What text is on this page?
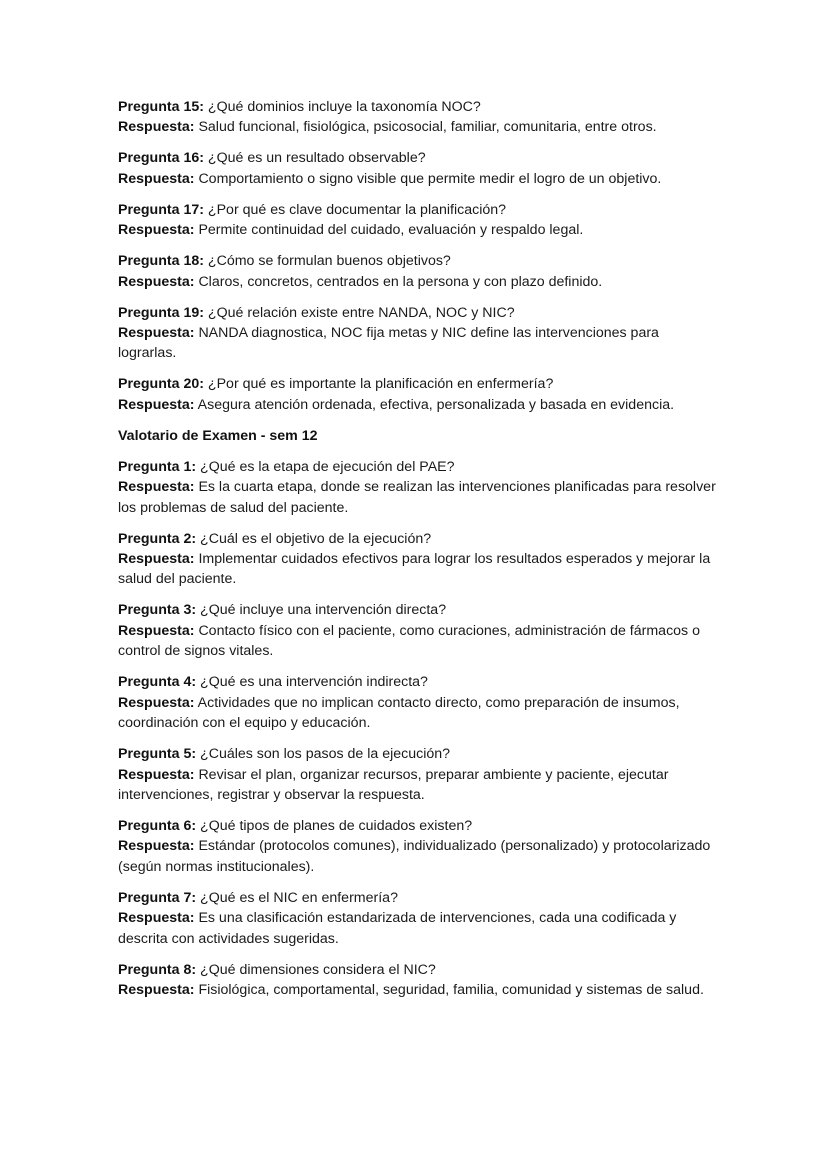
Pregunta 15: ¿Qué dominios incluye la taxonomía NOC?
Respuesta: Salud funcional, fisiológica, psicosocial, familiar, comunitaria, entre otros.
Pregunta 16: ¿Qué es un resultado observable?
Respuesta: Comportamiento o signo visible que permite medir el logro de un objetivo.
Pregunta 17: ¿Por qué es clave documentar la planificación?
Respuesta: Permite continuidad del cuidado, evaluación y respaldo legal.
Pregunta 18: ¿Cómo se formulan buenos objetivos?
Respuesta: Claros, concretos, centrados en la persona y con plazo definido.
Pregunta 19: ¿Qué relación existe entre NANDA, NOC y NIC?
Respuesta: NANDA diagnostica, NOC fija metas y NIC define las intervenciones para lograrlas.
Pregunta 20: ¿Por qué es importante la planificación en enfermería?
Respuesta: Asegura atención ordenada, efectiva, personalizada y basada en evidencia.
Valotario de Examen - sem 12
Pregunta 1: ¿Qué es la etapa de ejecución del PAE?
Respuesta: Es la cuarta etapa, donde se realizan las intervenciones planificadas para resolver los problemas de salud del paciente.
Pregunta 2: ¿Cuál es el objetivo de la ejecución?
Respuesta: Implementar cuidados efectivos para lograr los resultados esperados y mejorar la salud del paciente.
Pregunta 3: ¿Qué incluye una intervención directa?
Respuesta: Contacto físico con el paciente, como curaciones, administración de fármacos o control de signos vitales.
Pregunta 4: ¿Qué es una intervención indirecta?
Respuesta: Actividades que no implican contacto directo, como preparación de insumos, coordinación con el equipo y educación.
Pregunta 5: ¿Cuáles son los pasos de la ejecución?
Respuesta: Revisar el plan, organizar recursos, preparar ambiente y paciente, ejecutar intervenciones, registrar y observar la respuesta.
Pregunta 6: ¿Qué tipos de planes de cuidados existen?
Respuesta: Estándar (protocolos comunes), individualizado (personalizado) y protocolarizado (según normas institucionales).
Pregunta 7: ¿Qué es el NIC en enfermería?
Respuesta: Es una clasificación estandarizada de intervenciones, cada una codificada y descrita con actividades sugeridas.
Pregunta 8: ¿Qué dimensiones considera el NIC?
Respuesta: Fisiológica, comportamental, seguridad, familia, comunidad y sistemas de salud.
